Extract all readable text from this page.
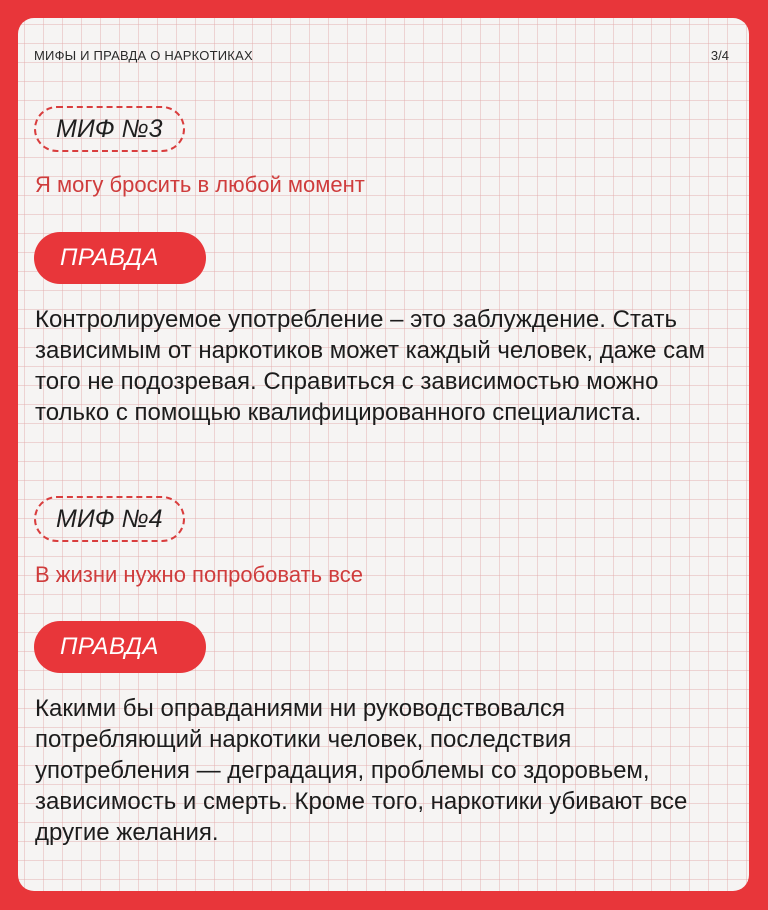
МИФЫ И ПРАВДА О НАРКОТИКАХ	3/4
МИФ №3
Я могу бросить в любой момент
ПРАВДА

Контролируемое употребление – это заблуждение. Стать зависимым от наркотиков может каждый человек, даже сам того не подозревая. Справиться с зависимостью можно только с помощью квалифицированного специалиста.

МИФ №4
В жизни нужно попробовать все
ПРАВДА

Какими бы оправданиями ни руководствовался потребляющий наркотики человек, последствия употребления — деградация, проблемы со здоровьем, зависимость и смерть. Кроме того, наркотики убивают все другие желания.
